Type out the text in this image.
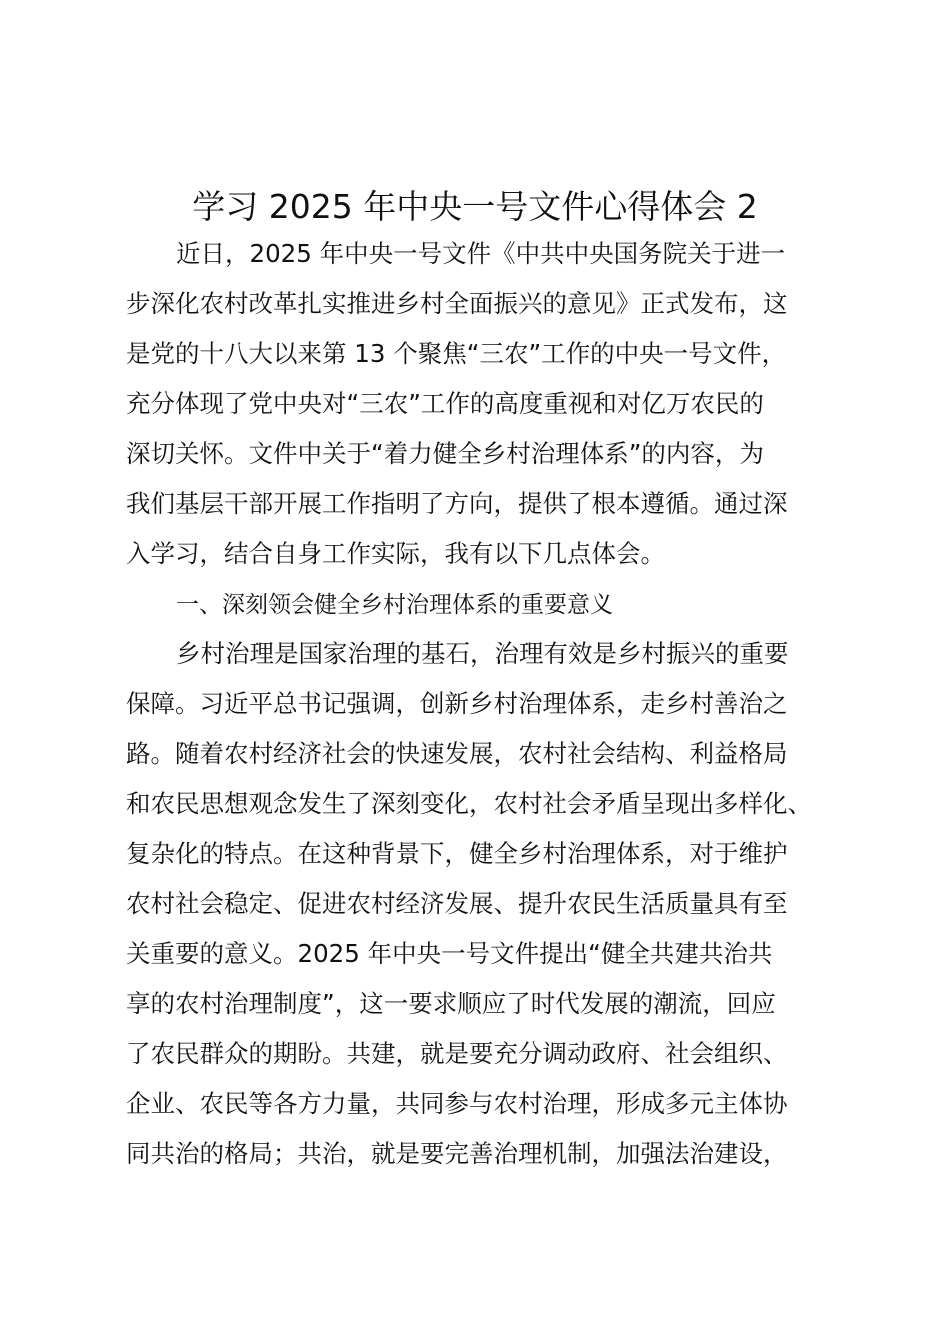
学习 2025 年中央一号文件心得体会 2
近日，2025 年中央一号文件《中共中央国务院关于进一
步深化农村改革扎实推进乡村全面振兴的意见》正式发布，这
是党的十八大以来第 13 个聚焦“三农”工作的中央一号文件，
充分体现了党中央对“三农”工作的高度重视和对亿万农民的
深切关怀。文件中关于“着力健全乡村治理体系”的内容，为
我们基层干部开展工作指明了方向，提供了根本遵循。通过深
入学习，结合自身工作实际，我有以下几点体会。
一、深刻领会健全乡村治理体系的重要意义
乡村治理是国家治理的基石，治理有效是乡村振兴的重要
保障。习近平总书记强调，创新乡村治理体系，走乡村善治之
路。随着农村经济社会的快速发展，农村社会结构、利益格局
和农民思想观念发生了深刻变化，农村社会矛盾呈现出多样化、
复杂化的特点。在这种背景下，健全乡村治理体系，对于维护
农村社会稳定、促进农村经济发展、提升农民生活质量具有至
关重要的意义。2025 年中央一号文件提出“健全共建共治共
享的农村治理制度”，这一要求顺应了时代发展的潮流，回应
了农民群众的期盼。共建，就是要充分调动政府、社会组织、
企业、农民等各方力量，共同参与农村治理，形成多元主体协
同共治的格局；共治，就是要完善治理机制，加强法治建设，
